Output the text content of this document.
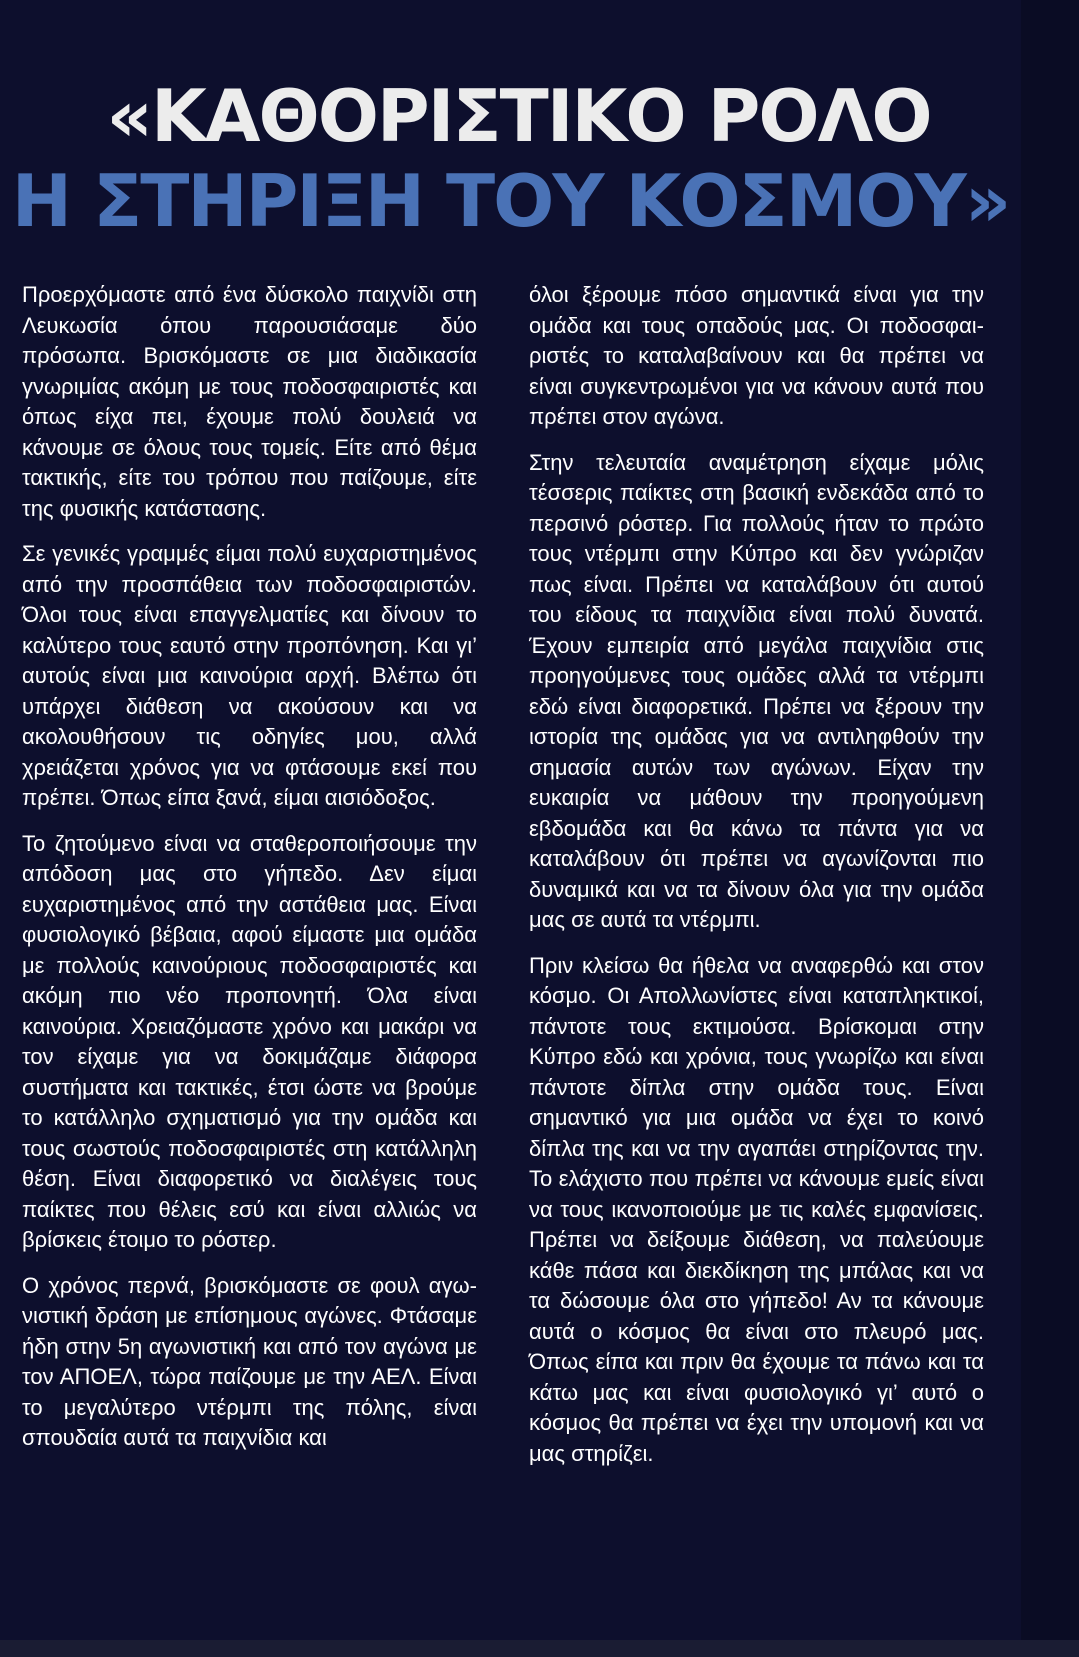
«ΚΑΘΟΡΙΣΤΙΚΟ ΡΟΛΟ
Η ΣΤΗΡΙΞΗ ΤΟΥ ΚΟΣΜΟΥ»

Προερχόμαστε από ένα δύσκολο παιχνίδι στη Λευκωσία όπου παρουσιάσαμε δύο πρόσωπα. Βρισκόμαστε σε μια διαδικασία γνωριμίας ακόμη με τους ποδοσφαιριστές και όπως είχα πει, έχουμε πολύ δουλειά να κάνουμε σε όλους τους τομείς. Είτε από θέμα τακτικής, είτε του τρόπου που παίζουμε, είτε της φυσικής κατάστασης.

Σε γενικές γραμμές είμαι πολύ ευχαριστημένος από την προσπάθεια των ποδοσφαιριστών. Όλοι τους είναι επαγγελματίες και δίνουν το καλύτερο τους εαυτό στην προπόνηση. Και γι’ αυτούς είναι μια καινούρια αρχή. Βλέπω ότι υπάρχει διάθεση να ακούσουν και να ακολουθήσουν τις οδηγίες μου, αλλά χρειάζεται χρόνος για να φτάσουμε εκεί που πρέπει. Όπως είπα ξανά, είμαι αισιόδοξος.

Το ζητούμενο είναι να σταθεροποιήσουμε την απόδοση μας στο γήπεδο. Δεν είμαι ευχαριστημένος από την αστάθεια μας. Είναι φυσιολογικό βέβαια, αφού είμαστε μια ομάδα με πολλούς καινούριους ποδοσφαιριστές και ακόμη πιο νέο προπονητή. Όλα είναι καινούρια. Χρειαζόμαστε χρόνο και μακάρι να τον είχαμε για να δοκιμάζαμε διάφορα συστήματα και τακτικές, έτσι ώστε να βρούμε το κατάλληλο σχηματισμό για την ομάδα και τους σωστούς ποδοσφαιριστές στη κατάλληλη θέση. Είναι διαφορετικό να διαλέγεις τους παίκτες που θέλεις εσύ και είναι αλλιώς να βρίσκεις έτοιμο το ρόστερ.

Ο χρόνος περνά, βρισκόμαστε σε φουλ αγωνιστική δράση με επίσημους αγώνες. Φτάσαμε ήδη στην 5η αγωνιστική και από τον αγώνα με τον ΑΠΟΕΛ, τώρα παίζουμε με την ΑΕΛ. Είναι το μεγαλύτερο ντέρμπι της πόλης, είναι σπουδαία αυτά τα παιχνίδια και

όλοι ξέρουμε πόσο σημαντικά είναι για την ομάδα και τους οπαδούς μας. Οι ποδοσφαιριστές το καταλαβαίνουν και θα πρέπει να είναι συγκεντρωμένοι για να κάνουν αυτά που πρέπει στον αγώνα.

Στην τελευταία αναμέτρηση είχαμε μόλις τέσσερις παίκτες στη βασική ενδεκάδα από το περσινό ρόστερ. Για πολλούς ήταν το πρώτο τους ντέρμπι στην Κύπρο και δεν γνώριζαν πως είναι. Πρέπει να καταλάβουν ότι αυτού του είδους τα παιχνίδια είναι πολύ δυνατά. Έχουν εμπειρία από μεγάλα παιχνίδια στις προηγούμενες τους ομάδες αλλά τα ντέρμπι εδώ είναι διαφορετικά. Πρέπει να ξέρουν την ιστορία της ομάδας για να αντιληφθούν την σημασία αυτών των αγώνων. Είχαν την ευκαιρία να μάθουν την προηγούμενη εβδομάδα και θα κάνω τα πάντα για να καταλάβουν ότι πρέπει να αγωνίζονται πιο δυναμικά και να τα δίνουν όλα για την ομάδα μας σε αυτά τα ντέρμπι.

Πριν κλείσω θα ήθελα να αναφερθώ και στον κόσμο. Οι Απολλωνίστες είναι καταπληκτικοί, πάντοτε τους εκτιμούσα. Βρίσκομαι στην Κύπρο εδώ και χρόνια, τους γνωρίζω και είναι πάντοτε δίπλα στην ομάδα τους. Είναι σημαντικό για μια ομάδα να έχει το κοινό δίπλα της και να την αγαπάει στηρίζοντας την. Το ελάχιστο που πρέπει να κάνουμε εμείς είναι να τους ικανοποιούμε με τις καλές εμφανίσεις. Πρέπει να δείξουμε διάθεση, να παλεύουμε κάθε πάσα και διεκδίκηση της μπάλας και να τα δώσουμε όλα στο γήπεδο! Αν τα κάνουμε αυτά ο κόσμος θα είναι στο πλευρό μας. Όπως είπα και πριν θα έχουμε τα πάνω και τα κάτω μας και είναι φυσιολογικό γι’ αυτό ο κόσμος θα πρέπει να έχει την υπομονή και να μας στηρίζει.
